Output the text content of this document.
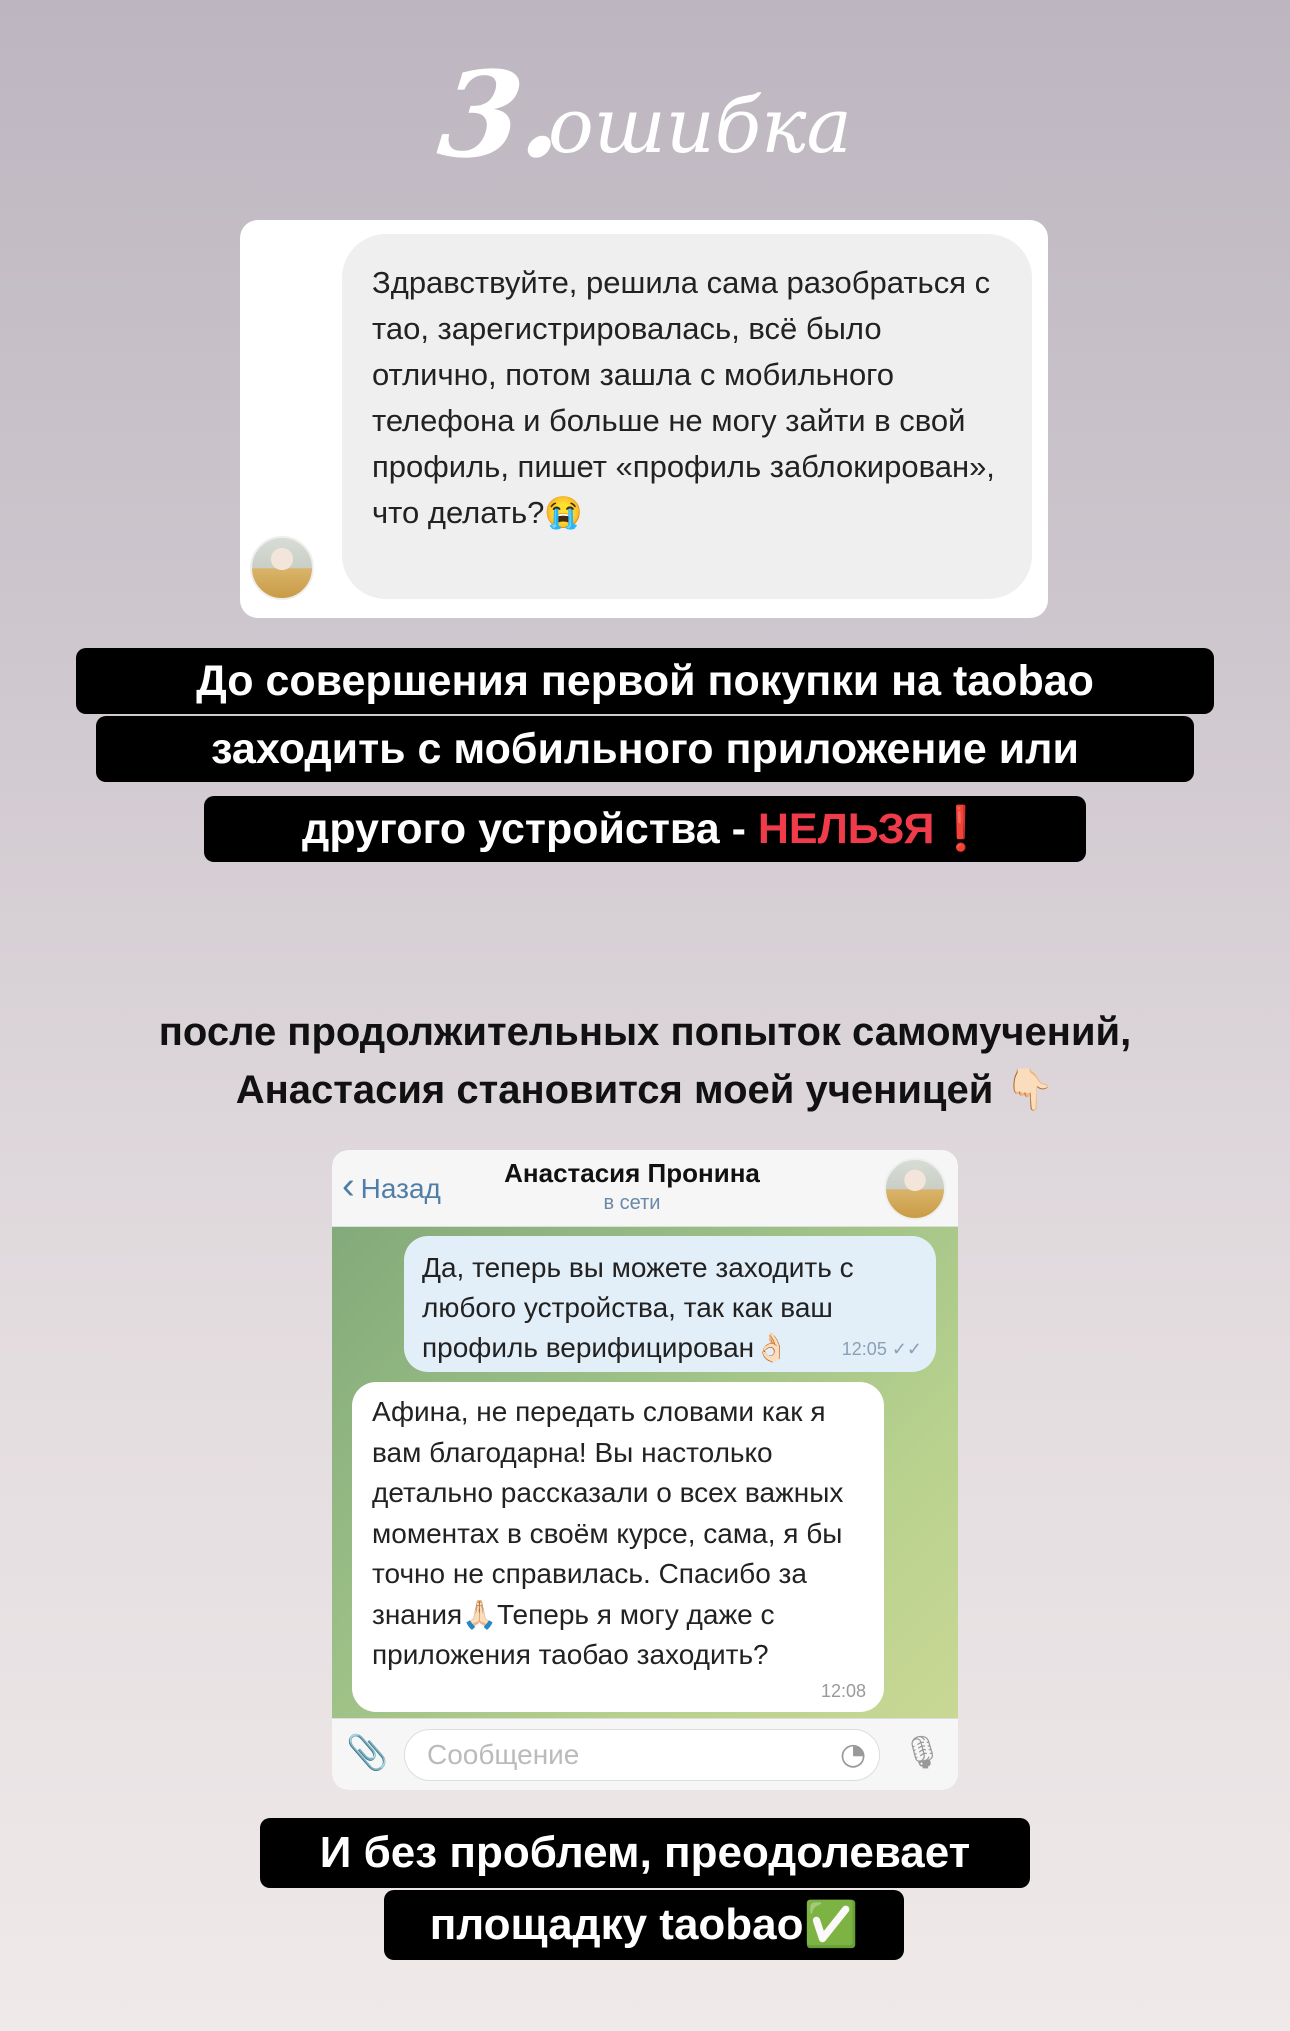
3.
ошибка

Здравствуйте, решила сама разобраться с тао, зарегистрировалась, всё было отлично, потом зашла с мобильного телефона и больше не могу зайти в свой профиль, пишет «профиль заблокирован», что делать?😭

До совершения первой покупки на taobao
заходить с мобильного приложение или
другого устройства - НЕЛЬЗЯ❗️
после продолжительных попыток самомучений,
Анастасия становится моей ученицей 👇🏻
‹ Назад	Анастасия Пронина
в сети

Да, теперь вы можете заходить с любого устройства, так как ваш профиль верифицирован👌🏻	12:05 ✓✓

Афина, не передать словами как я вам благодарна! Вы настолько детально рассказали о всех важных моментах в своём курсе, сама, я бы точно не справилась. Спасибо за знания🙏🏻Теперь я могу даже с приложения таобао заходить?

12:08
📎	Сообщение	◔ 🎙
И без проблем, преодолевает
площадку taobao✅
